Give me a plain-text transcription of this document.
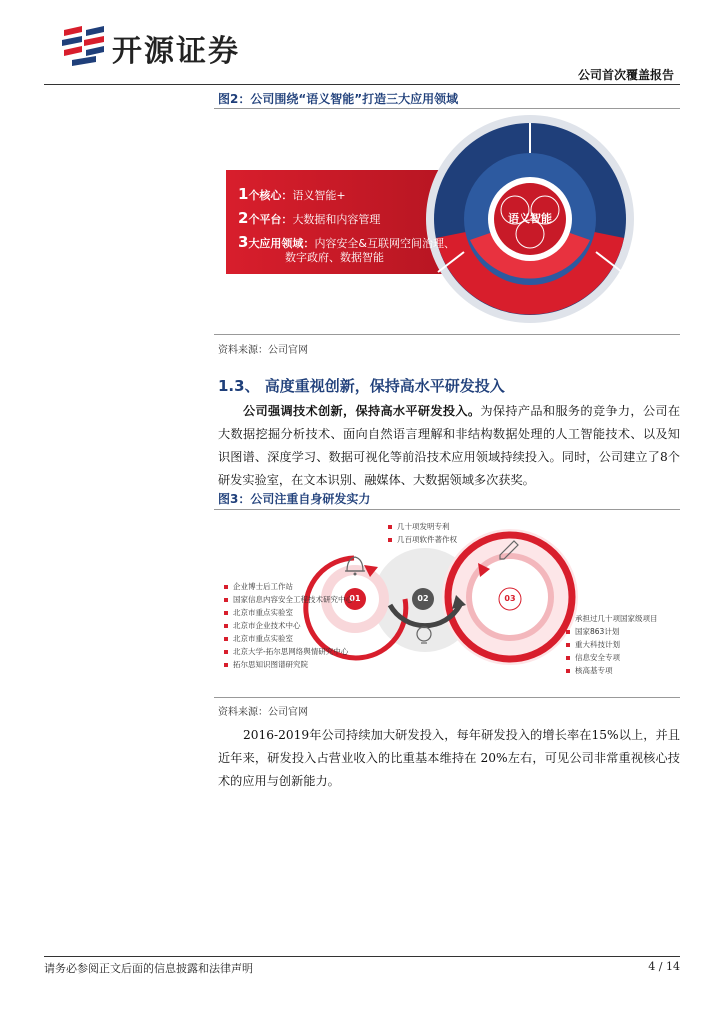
开源证券
公司首次覆盖报告
图2：公司围绕“语义智能”打造三大应用领域
1个核心：语义智能+
2个平台：大数据和内容管理
3大应用领域：内容安全&互联网空间治理、
数字政府、数据智能
语义智能
资料来源：公司官网
1.3、 高度重视创新，保持高水平研发投入
公司强调技术创新，保持高水平研发投入。为保持产品和服务的竞争力，公司在大数据挖掘分析技术、面向自然语言理解和非结构数据处理的人工智能技术、以及知识图谱、深度学习、数据可视化等前沿技术应用领域持续投入。同时，公司建立了8个研发实验室，在文本识别、融媒体、大数据领域多次获奖。
图3：公司注重自身研发实力
01	02	03
几十项发明专利
几百项软件著作权
企业博士后工作站
国家信息内容安全工程技术研究中心
北京市重点实验室
北京市企业技术中心
北京市重点实验室
北京大学-拓尔思网络舆情研究中心
拓尔思知识图谱研究院
承担过几十项国家级项目
国家863计划
重大科技计划
信息安全专项
核高基专项
资料来源：公司官网
2016-2019年公司持续加大研发投入，每年研发投入的增长率在15%以上，并且近年来，研发投入占营业收入的比重基本维持在 20%左右，可见公司非常重视核心技术的应用与创新能力。
请务必参阅正文后面的信息披露和法律声明	4 / 14
